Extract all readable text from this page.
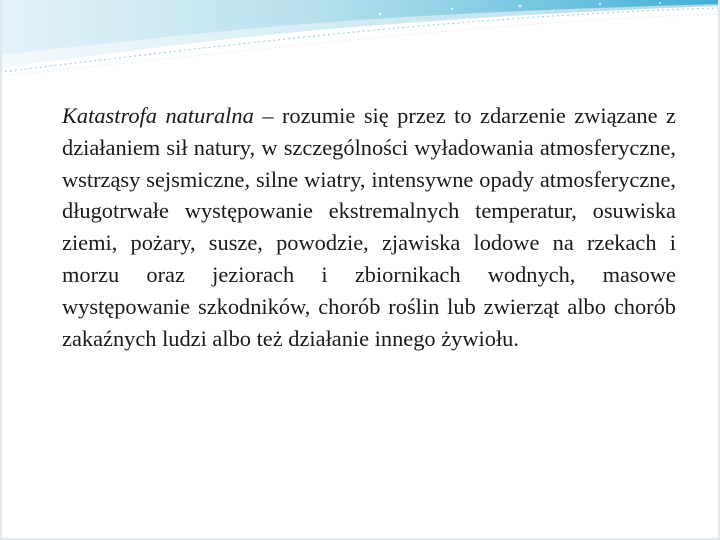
Katastrofa naturalna – rozumie się przez to zdarzenie związane z działaniem sił natury, w szczególności wyładowania atmosferyczne, wstrząsy sejsmiczne, silne wiatry, intensywne opady atmosferyczne, długotrwałe występowanie ekstremalnych temperatur, osuwiska ziemi, pożary, susze, powodzie, zjawiska lodowe na rzekach i morzu oraz jeziorach i zbiornikach wodnych, masowe występowanie szkodników, chorób roślin lub zwierząt albo chorób zakaźnych ludzi albo też działanie innego żywiołu.
